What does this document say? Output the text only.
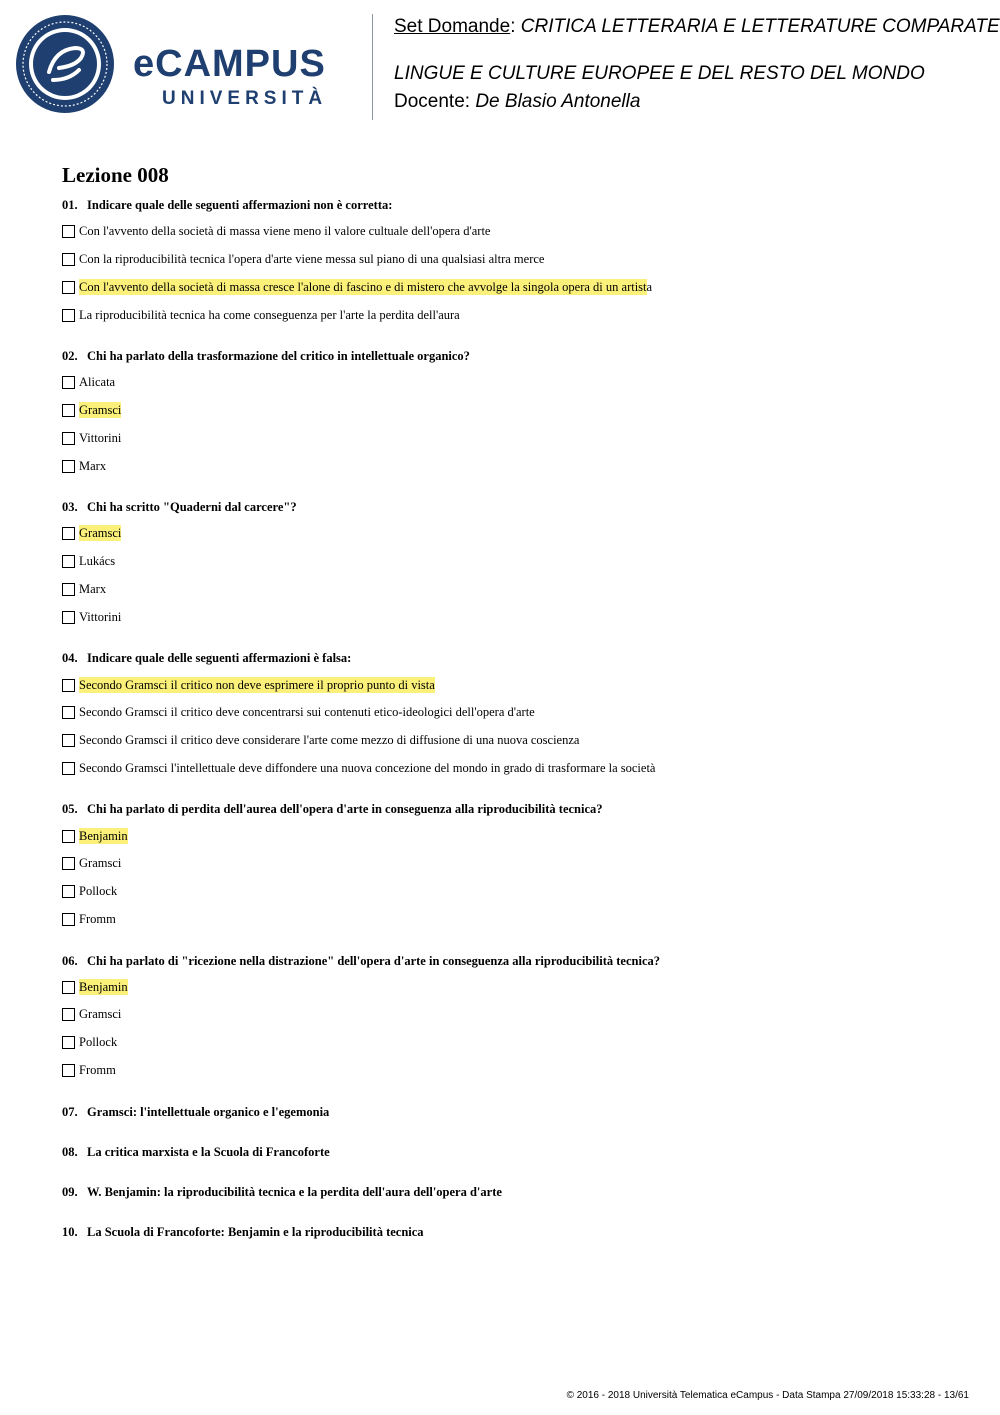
eCAMPUS
UNIVERSITÀ
Set Domande: CRITICA LETTERARIA E LETTERATURE COMPARATE
LINGUE E CULTURE EUROPEE E DEL RESTO DEL MONDO
Docente: De Blasio Antonella
Lezione 008
01. Indicare quale delle seguenti affermazioni non è corretta:
Con l'avvento della società di massa viene meno il valore cultuale dell'opera d'arte
Con la riproducibilità tecnica l'opera d'arte viene messa sul piano di una qualsiasi altra merce
Con l'avvento della società di massa cresce l'alone di fascino e di mistero che avvolge la singola opera di un artist a
La riproducibilità tecnica ha come conseguenza per l'arte la perdita dell'aura
02. Chi ha parlato della trasformazione del critico in intellettuale organico?
Alicata
Gramsci
Vittorini
Marx
03. Chi ha scritto "Quaderni dal carcere"?
Gramsci
Lukács
Marx
Vittorini
04. Indicare quale delle seguenti affermazioni è falsa:
Secondo Gramsci il critico non deve esprimere il proprio punto di vista
Secondo Gramsci il critico deve concentrarsi sui contenuti etico-ideologici dell'opera d'arte
Secondo Gramsci il critico deve considerare l'arte come mezzo di diffusione di una nuova coscienza
Secondo Gramsci l'intellettuale deve diffondere una nuova concezione del mondo in grado di trasformare la società
05. Chi ha parlato di perdita dell'aurea dell'opera d'arte in conseguenza alla riproducibilità tecnica?
Benjamin
Gramsci
Pollock
Fromm
06. Chi ha parlato di "ricezione nella distrazione" dell'opera d'arte in conseguenza alla riproducibilità tecnica?
Benjamin
Gramsci
Pollock
Fromm
07. Gramsci: l'intellettuale organico e l'egemonia
08. La critica marxista e la Scuola di Francoforte
09. W. Benjamin: la riproducibilità tecnica e la perdita dell'aura dell'opera d'arte
10. La Scuola di Francoforte: Benjamin e la riproducibilità tecnica
© 2016 - 2018 Università Telematica eCampus - Data Stampa 27/09/2018 15:33:28 - 13/61
